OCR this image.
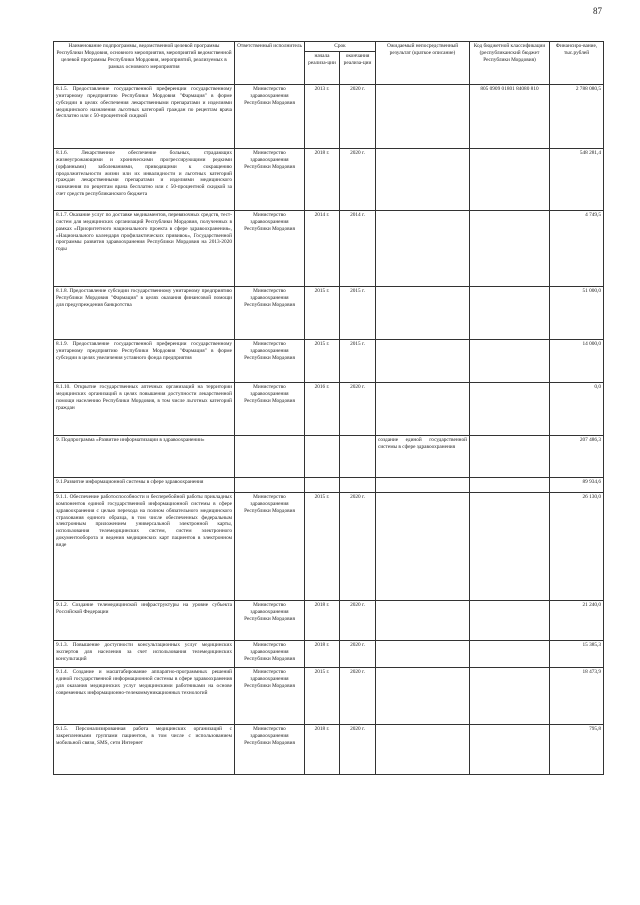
87
Наименование подпрограммы, ведомственной целевой программы Республики Мордовия, основного мероприятия, мероприятий ведомственной целевой программы Республики Мордовия, мероприятий, реализуемых в рамках основного мероприятия	Ответственный исполнитель	Срок		Ожидаемый непосредственный результат (краткое описание)	Код бюджетной классификации (республиканский бюджет Республики Мордовия)	Финансиро-вание, тыс.рублей
		начала реализа-ции	окончания реализа-ции			
8.1.5. Предоставление государственной преференции государственному унитарному предприятию Республики Мордовия "Фармация" в форме субсидии в целях обеспечения лекарственными препаратами и изделиями медицинского назначения льготных категорий граждан по рецептам врача бесплатно или с 50-процентной скидкой	Министерство здравоохранения Республики Мордовия	2013 г.	2020 г.		805 0909 01801 84080 810	2 788 080,5
8.1.6. Лекарственное обеспечение больных, страдающих жизнеугрожающими и хроническими прогрессирующими редкими (орфанными) заболеваниями, приводящими к сокращению продолжительности жизни или их инвалидности и льготных категорий граждан лекарственными препаратами и изделиями медицинского назначения по рецептам врача бесплатно или с 50-процентной скидкой за счет средств республиканского бюджета	Министерство здравоохранения Республики Мордовия	2018 г.	2020 г.			548 281,4
8.1.7. Оказание услуг по доставке медикаментов, перевязочных средств, тест-систем для медицинских организаций Республики Мордовия, полученных в рамках «Приоритетного национального проекта в сфере здравоохранения», «Национального календаря профилактических прививок», Государственной программы развития здравоохранения Республики Мордовия на 2013-2020 годы	Министерство здравоохранения Республики Мордовия	2014 г.	2014 г.			4 749,5
8.1.8. Предоставление субсидии государственному унитарному предприятию Республики Мордовия "Фармация" в целях оказания финансовой помощи для предупреждения банкротства	Министерство здравоохранения Республики Мордовия	2015 г.	2015 г.			51 000,0
8.1.9. Предоставление государственной преференции государственному унитарному предприятию Республики Мордовия "Фармация" в форме субсидии в целях увеличения уставного фонда предприятия	Министерство здравоохранения Республики Мордовия	2015 г.	2015 г.			14 000,0
8.1.10. Открытие государственных аптечных организаций на территории медицинских организаций в целях повышения доступности лекарственной помощи населению Республики Мордовия, в том числе льготных категорий граждан	Министерство здравоохранения Республики Мордовия	2016 г.	2020 г.			0,0
9. Подпрограмма «Развитие информатизации в здравоохранении»				создание единой государственной системы в сфере здравоохранения		207 486,3
9.1.Развитие информационной системы в сфере здравоохранения						89 934,6
9.1.1. Обеспечение работоспособности и бесперебойной работы прикладных компонентов единой государственной информационной системы в сфере здравоохранения с целью перехода на полном обязательного медицинского страхования единого образца, в том числе обеспеченных федеральным электронным приложением универсальной электронной карты, использования телемедицинских систем, систем электронного документооборота и ведения медицинских карт пациентов в электронном виде	Министерство здравоохранения Республики Мордовия	2015 г.	2020 г.			26 130,0
9.1.2. Создание телемедицинской инфраструктуры на уровне субъекта Российской Федерации	Министерство здравоохранения Республики Мордовия	2018 г.	2020 г.			21 240,0
9.1.3. Повышение доступности консультационных услуг медицинских экспертов для населения за счет использования телемедицинских консультаций	Министерство здравоохранения Республики Мордовия	2018 г.	2020 г.			15 385,3
9.1.4. Создание и масштабирование аппаратно-программных решений единой государственной информационной системы в сфере здравоохранения для оказания медицинских услуг медицинскими работниками на основе современных информационно-телекоммуникационных технологий	Министерство здравоохранения Республики Мордовия	2015 г.	2020 г.			18 473,9
9.1.5. Персонализированная работа медицинских организаций с закрепленными группами пациентов, в том числе с использованием мобильной связи, SMS, сети Интернет	Министерство здравоохранения Республики Мордовия	2018 г.	2020 г.			795,8
